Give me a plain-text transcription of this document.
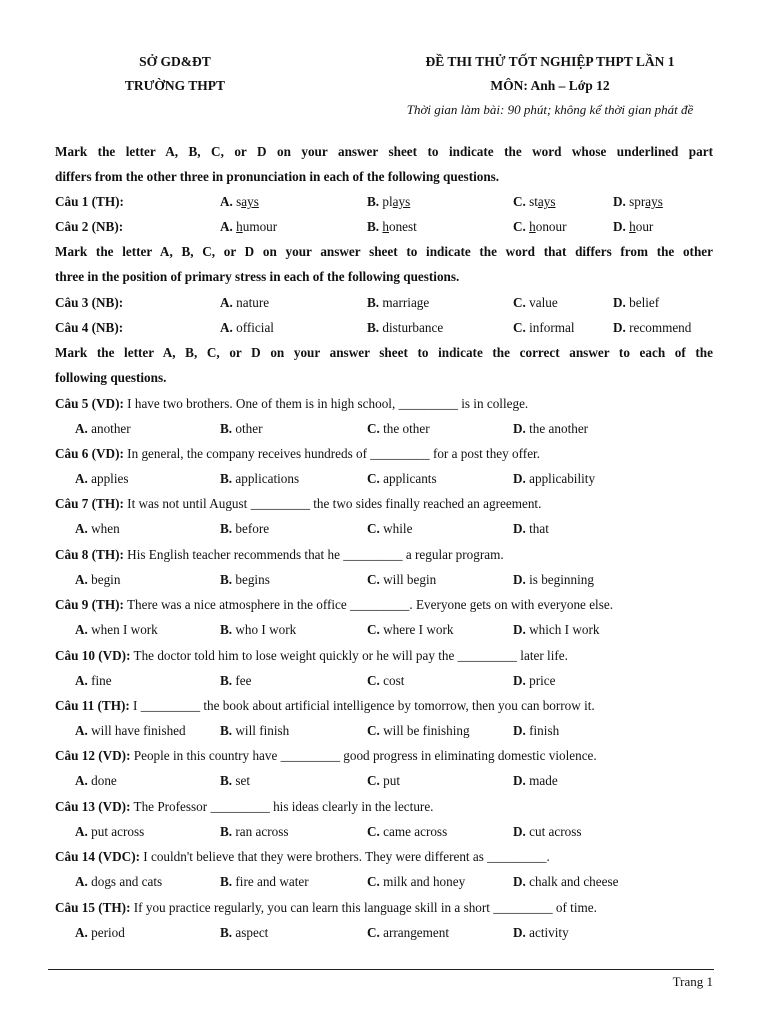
SỞ GD&ĐT
TRƯỜNG THPT
ĐỀ THI THỬ TỐT NGHIỆP THPT LẦN 1
MÔN: Anh – Lớp 12
Thời gian làm bài: 90 phút; không kể thời gian phát đề
Mark the letter A, B, C, or D on your answer sheet to indicate the word whose underlined part
differs from the other three in pronunciation in each of the following questions.
Mark the letter A, B, C, or D on your answer sheet to indicate the word that differs from the other
three in the position of primary stress in each of the following questions.
Mark the letter A, B, C, or D on your answer sheet to indicate the correct answer to each of the
following questions.
Câu 1 (TH):	A. says	B. plays	C. stays	D. sprays
Câu 2 (NB):	A. humour	B. honest	C. honour	D. hour
Câu 3 (NB):	A. nature	B. marriage	C. value	D. belief
Câu 4 (NB):	A. official	B. disturbance	C. informal	D. recommend
Câu 5 (VD): I have two brothers. One of them is in high school, _________ is in college.
A. another	B. other	C. the other	D. the another
Câu 6 (VD): In general, the company receives hundreds of _________ for a post they offer.
A. applies	B. applications	C. applicants	D. applicability
Câu 7 (TH): It was not until August _________ the two sides finally reached an agreement.
A. when	B. before	C. while	D. that
Câu 8 (TH): His English teacher recommends that he _________ a regular program.
A. begin	B. begins	C. will begin	D. is beginning
Câu 9 (TH): There was a nice atmosphere in the office _________. Everyone gets on with everyone else.
A. when I work	B. who I work	C. where I work	D. which I work
Câu 10 (VD): The doctor told him to lose weight quickly or he will pay the _________ later life.
A. fine	B. fee	C. cost	D. price
Câu 11 (TH): I _________ the book about artificial intelligence by tomorrow, then you can borrow it.
A. will have finished	B. will finish	C. will be finishing	D. finish
Câu 12 (VD): People in this country have _________ good progress in eliminating domestic violence.
A. done	B. set	C. put	D. made
Câu 13 (VD): The Professor _________ his ideas clearly in the lecture.
A. put across	B. ran across	C. came across	D. cut across
Câu 14 (VDC): I couldn't believe that they were brothers. They were different as _________.
A. dogs and cats	B. fire and water	C. milk and honey	D. chalk and cheese
Câu 15 (TH): If you practice regularly, you can learn this language skill in a short _________ of time.
A. period	B. aspect	C. arrangement	D. activity
Trang 1
